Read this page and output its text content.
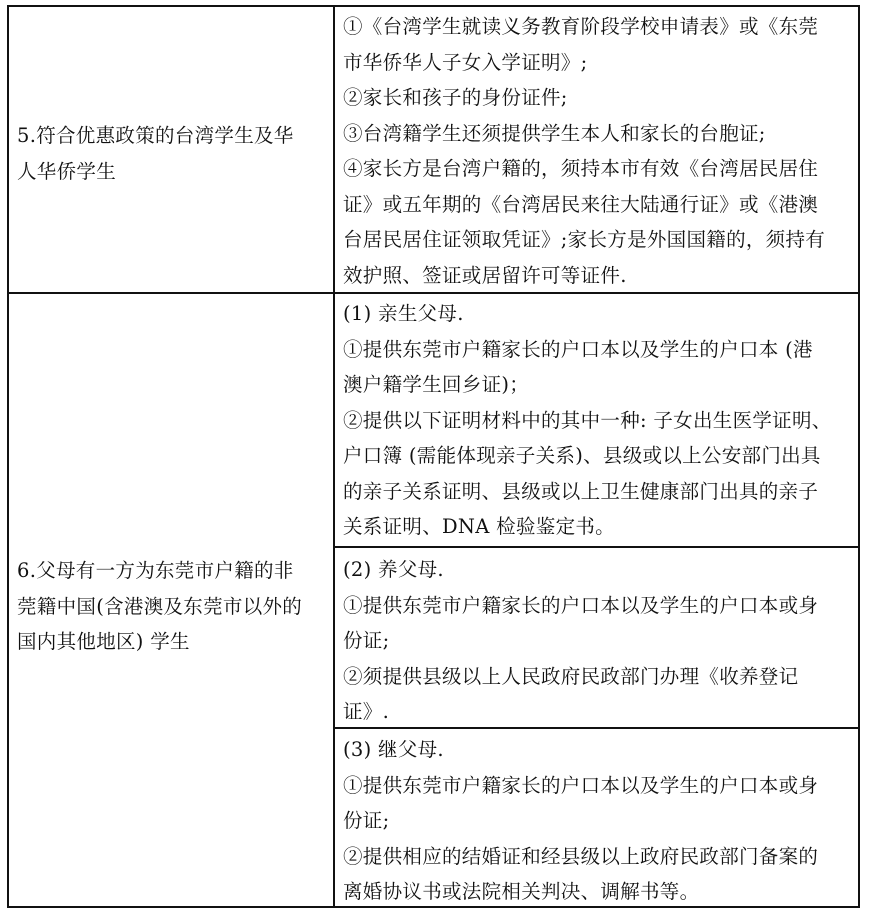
5.符合优惠政策的台湾学生及华
人华侨学生
①《台湾学生就读义务教育阶段学校申请表》或《东莞
市华侨华人子女入学证明》;
②家长和孩子的身份证件;
③台湾籍学生还须提供学生本人和家长的台胞证;
④家长方是台湾户籍的，须持本市有效《台湾居民居住
证》或五年期的《台湾居民来往大陆通行证》或《港澳
台居民居住证领取凭证》;家长方是外国国籍的，须持有
效护照、签证或居留许可等证件.
6.父母有一方为东莞市户籍的非
莞籍中国(含港澳及东莞市以外的
国内其他地区) 学生
(1) 亲生父母.
①提供东莞市户籍家长的户口本以及学生的户口本 (港
澳户籍学生回乡证)；
②提供以下证明材料中的其中一种: 子女出生医学证明、
户口簿 (需能体现亲子关系)、县级或以上公安部门出具
的亲子关系证明、县级或以上卫生健康部门出具的亲子
关系证明、DNA 检验鉴定书。
(2) 养父母.
①提供东莞市户籍家长的户口本以及学生的户口本或身
份证;
②须提供县级以上人民政府民政部门办理《收养登记
证》.
(3) 继父母.
①提供东莞市户籍家长的户口本以及学生的户口本或身
份证;
②提供相应的结婚证和经县级以上政府民政部门备案的
离婚协议书或法院相关判决、调解书等。
